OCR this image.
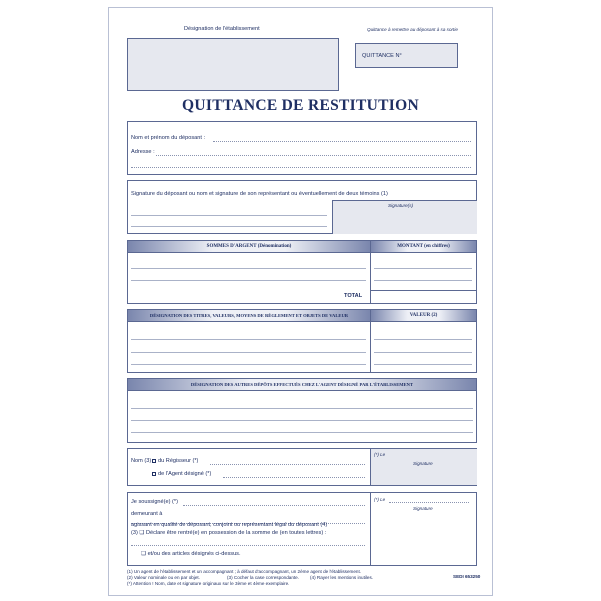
Désignation de l'établissement	Quittance à remettre au déposant à sa sortie
QUITTANCE N°
QUITTANCE DE RESTITUTION
Nom et prénom du déposant :
Adresse :
Signature du déposant ou nom et signature de son représentant ou éventuellement de deux témoins (1)
Signature(s)
SOMMES D'ARGENT (Dénomination)	MONTANT (en chiffres)
TOTAL
DÉSIGNATION DES TITRES, VALEURS, MOYENS DE RÈGLEMENT ET OBJETS DE VALEUR	VALEUR (2)
DÉSIGNATION DES AUTRES DÉPÔTS EFFECTUÉS CHEZ L'AGENT DÉSIGNÉ PAR L'ÉTABLISSEMENT
Nom (3)	du Régisseur (*)
de l'Agent désigné (*)
(*) Le
Signature
Je soussigné(e) (*)
demeurant à
agissant en qualité de déposant, conjoint ou représentant légal du déposant (4)
(3) ❑ Déclare être rentré(e) en possession de la somme de (en toutes lettres) :
❑ et/ou des articles désignés ci-dessus.
(*) Le
Signature
(1) Un agent de l'établissement et un accompagnant ; à défaut d'accompagnant, un 2ème agent de l'établissement.
(2) Valeur nominale ou en par objet.	(3) Cocher la case correspondante. (4) Rayer les mentions inutiles.
(*) Attention ! Nom, date et signature originaux sur le 3ème et 4ème exemplaire.
SEDI 653250
